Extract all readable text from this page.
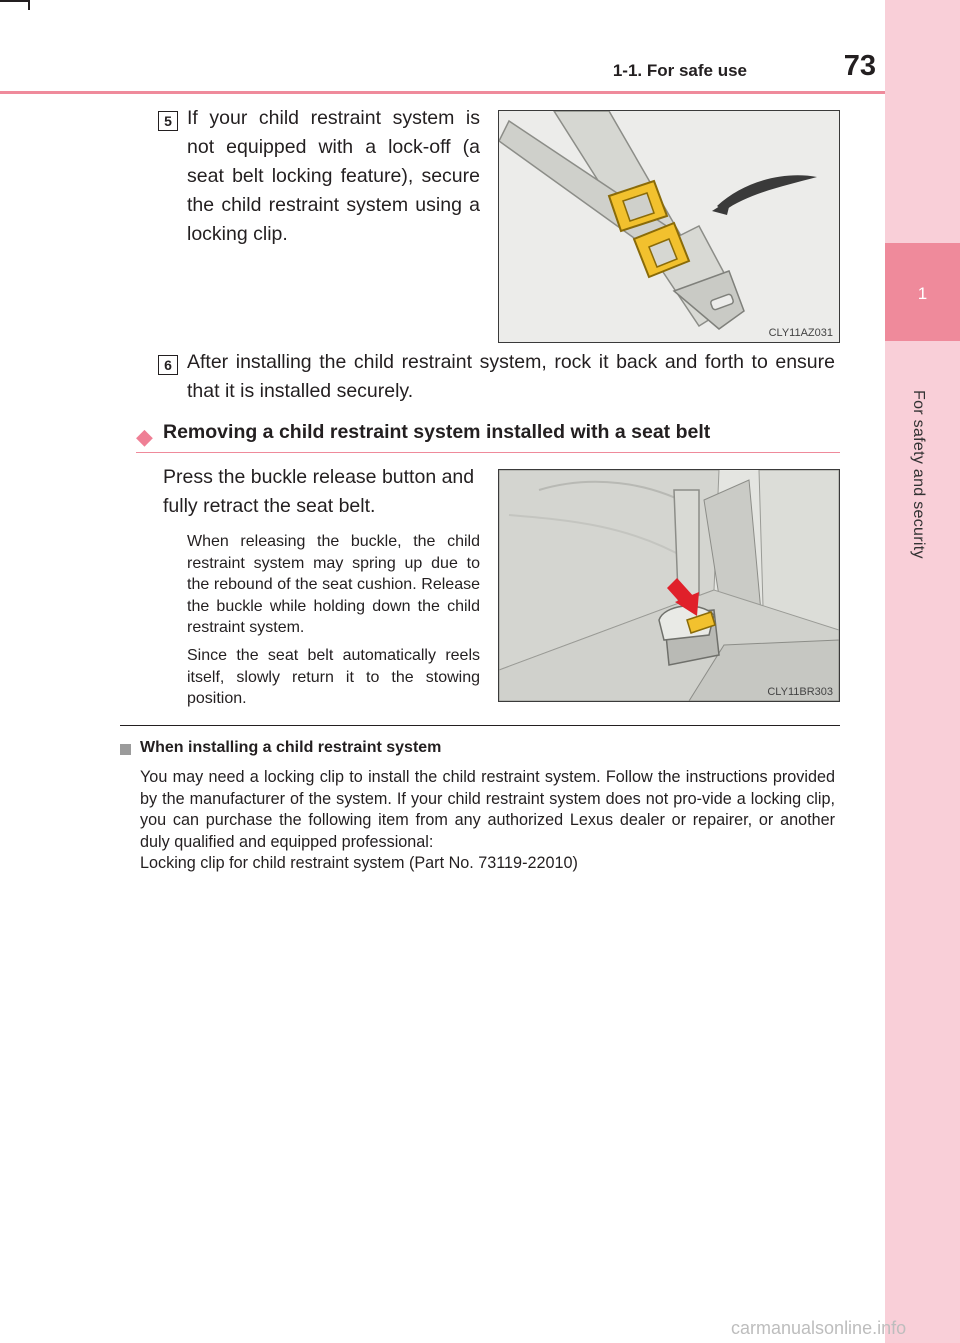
1
For safety and security
1-1. For safe use	73
5 If your child restraint system is not equipped with a lock-off (a seat belt locking feature), secure the child restraint system using a locking clip.

CLY11AZ031
6 After installing the child restraint system, rock it back and forth to ensure that it is installed securely.

◆ Removing a child restraint system installed with a seat belt

Press the buckle release button and fully retract the seat belt.

When releasing the buckle, the child restraint system may spring up due to the rebound of the seat cushion. Release the buckle while holding down the child restraint system.

Since the seat belt automatically reels itself, slowly return it to the stowing position.	CLY11BR303
When installing a child restraint system

You may need a locking clip to install the child restraint system. Follow the instructions provided by the manufacturer of the system. If your child restraint system does not pro-vide a locking clip, you can purchase the following item from any authorized Lexus dealer or repairer, or another duly qualified and equipped professional:
Locking clip for child restraint system (Part No. 73119-22010)

carmanualsonline.info
